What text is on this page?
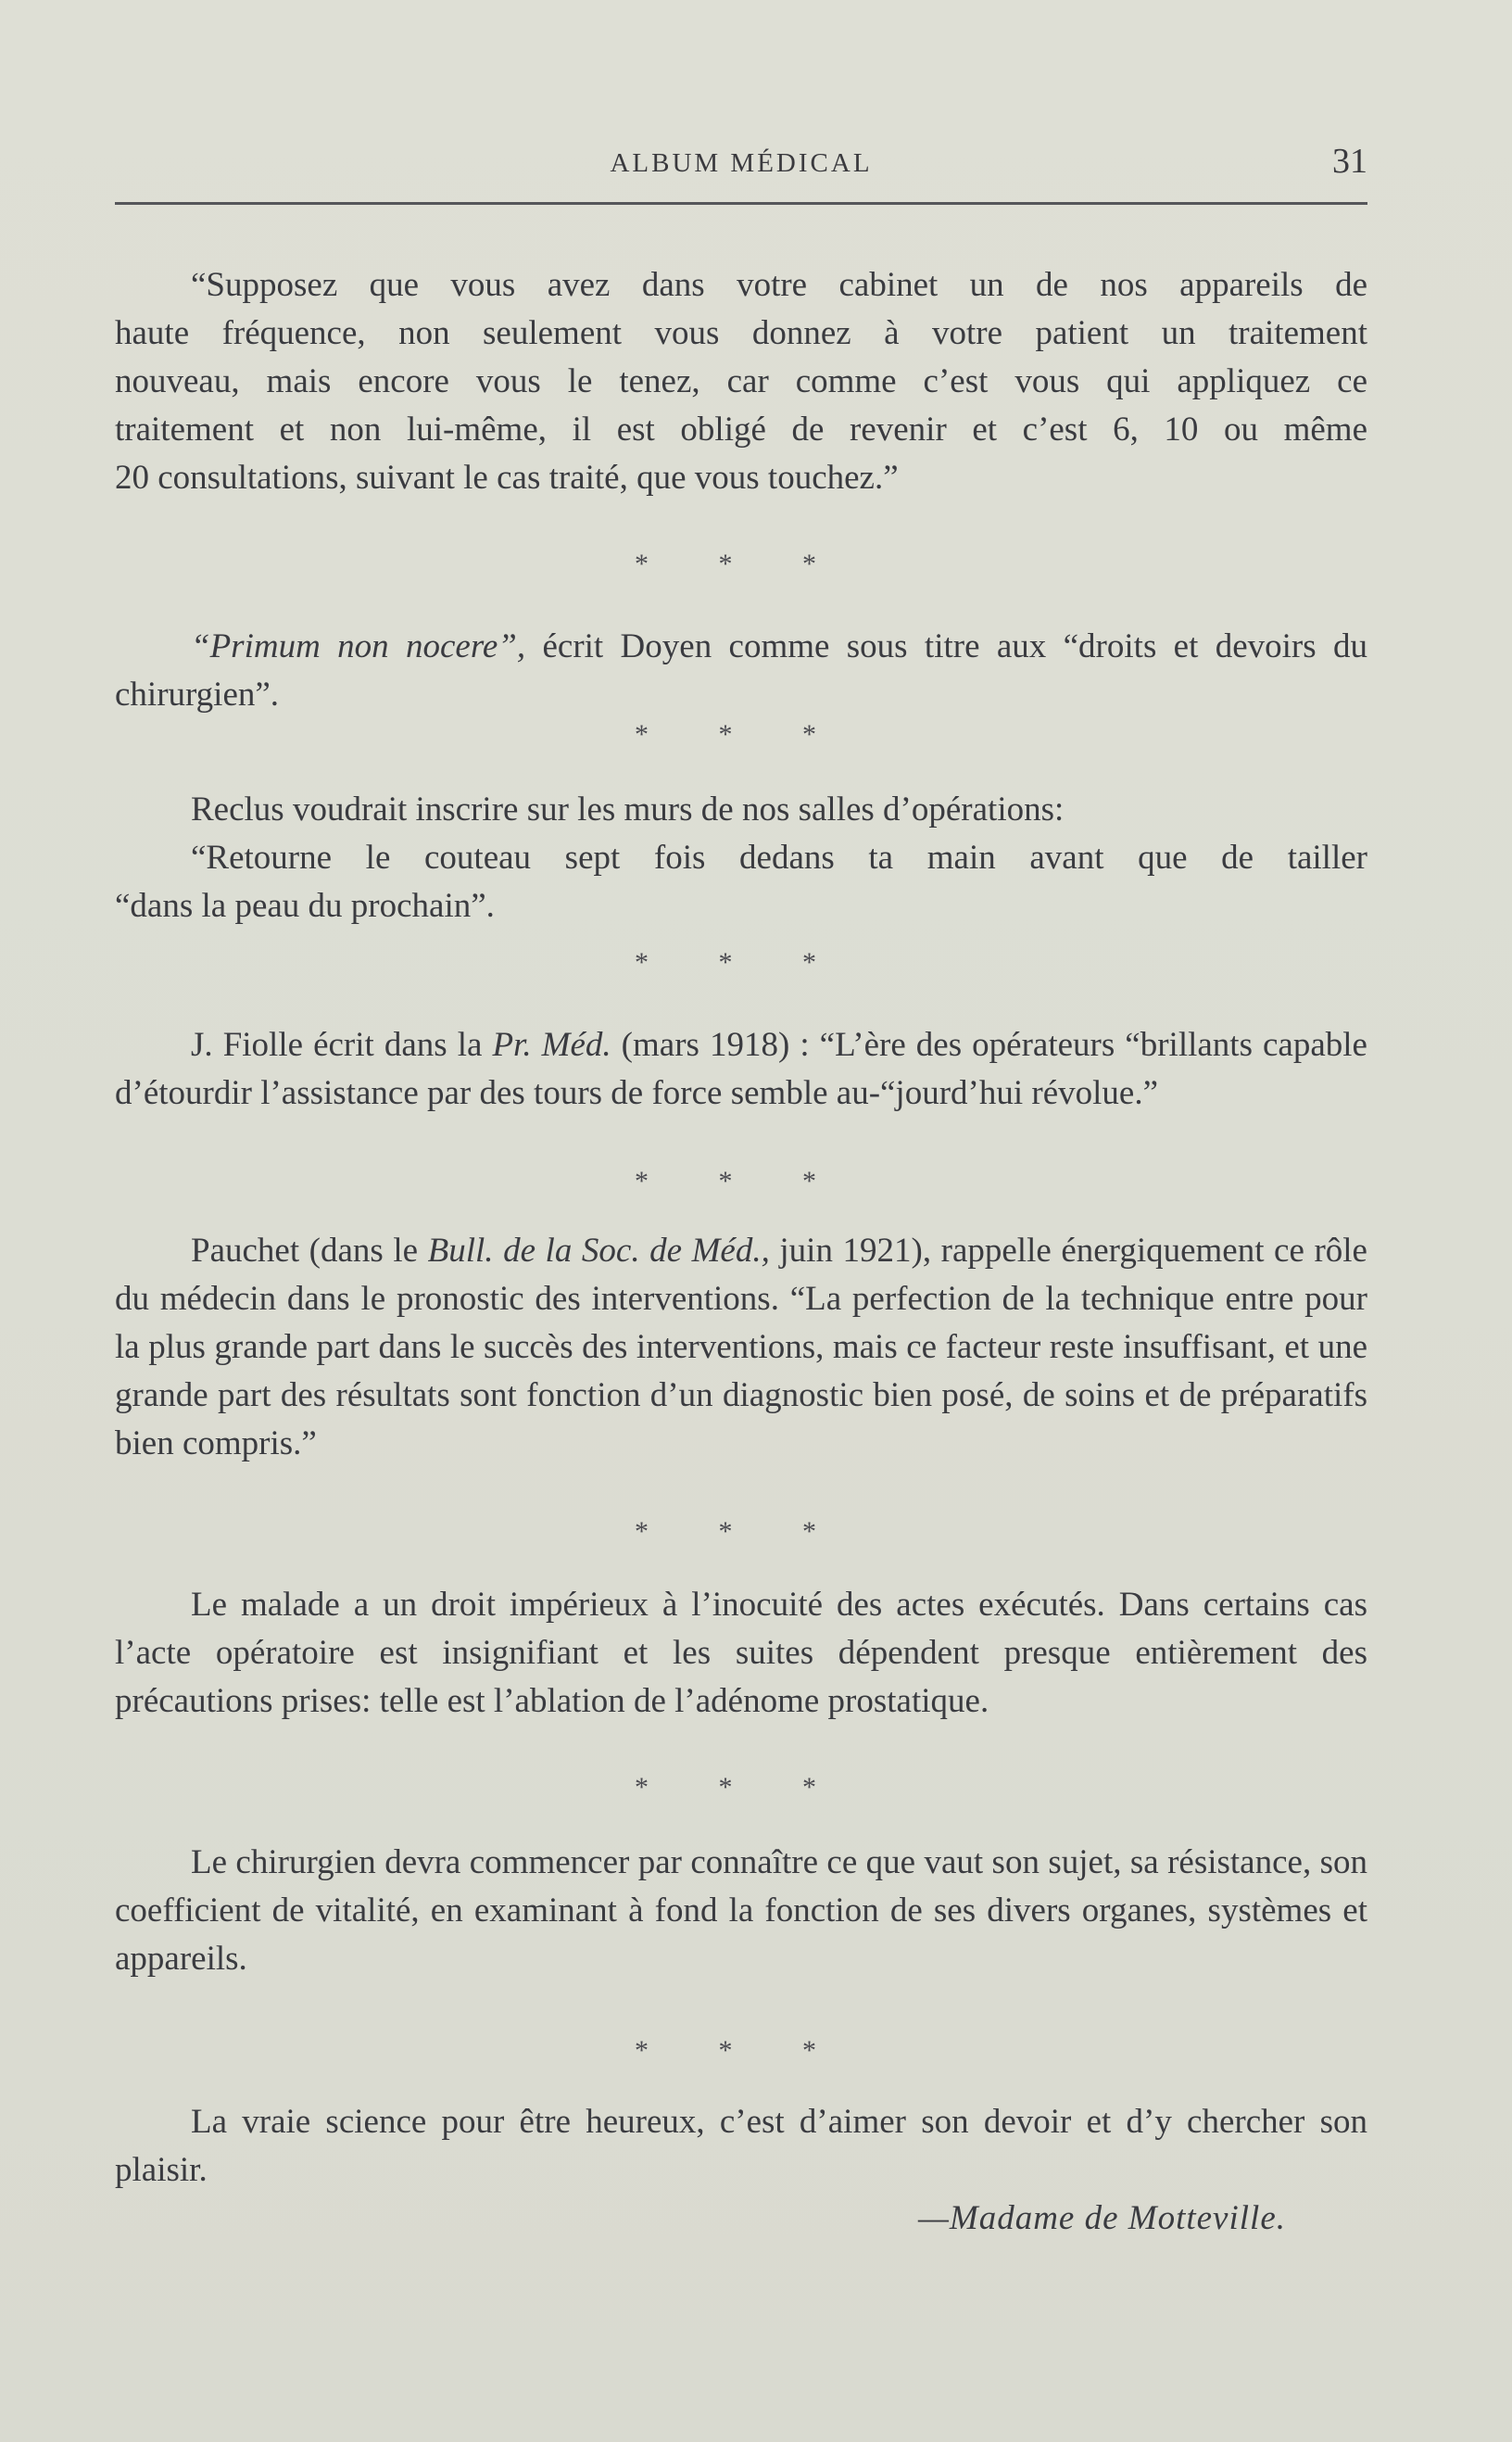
ALBUM MÉDICAL	31

“Supposez que vous avez dans votre cabinet un de nos appareils de

haute fréquence, non seulement vous donnez à votre patient un traitement

nouveau, mais encore vous le tenez, car comme c’est vous qui appliquez ce

traitement et non lui-même, il est obligé de revenir et c’est 6, 10 ou même

20 consultations, suivant le cas traité, que vous touchez.”

* * *

“Primum non nocere”, écrit Doyen comme sous titre aux “droits et devoirs du chirurgien”.

* * *

Reclus voudrait inscrire sur les murs de nos salles d’opérations:

“Retourne le couteau sept fois dedans ta main avant que de tailler

“dans la peau du prochain”.

* * *

J. Fiolle écrit dans la Pr. Méd. (mars 1918) : “L’ère des opérateurs “brillants capable d’étourdir l’assistance par des tours de force semble au-“jourd’hui révolue.”

* * *

Pauchet (dans le Bull. de la Soc. de Méd., juin 1921), rappelle énergiquement ce rôle du médecin dans le pronostic des interventions. “La perfection de la technique entre pour la plus grande part dans le succès des interventions, mais ce facteur reste insuffisant, et une grande part des résultats sont fonction d’un diagnostic bien posé, de soins et de préparatifs bien compris.”

* * *

Le malade a un droit impérieux à l’inocuité des actes exécutés. Dans certains cas l’acte opératoire est insignifiant et les suites dépendent presque entièrement des précautions prises: telle est l’ablation de l’adénome prostatique.

* * *

Le chirurgien devra commencer par connaître ce que vaut son sujet, sa résistance, son coefficient de vitalité, en examinant à fond la fonction de ses divers organes, systèmes et appareils.

* * *

La vraie science pour être heureux, c’est d’aimer son devoir et d’y chercher son plaisir.

—Madame de Motteville.
